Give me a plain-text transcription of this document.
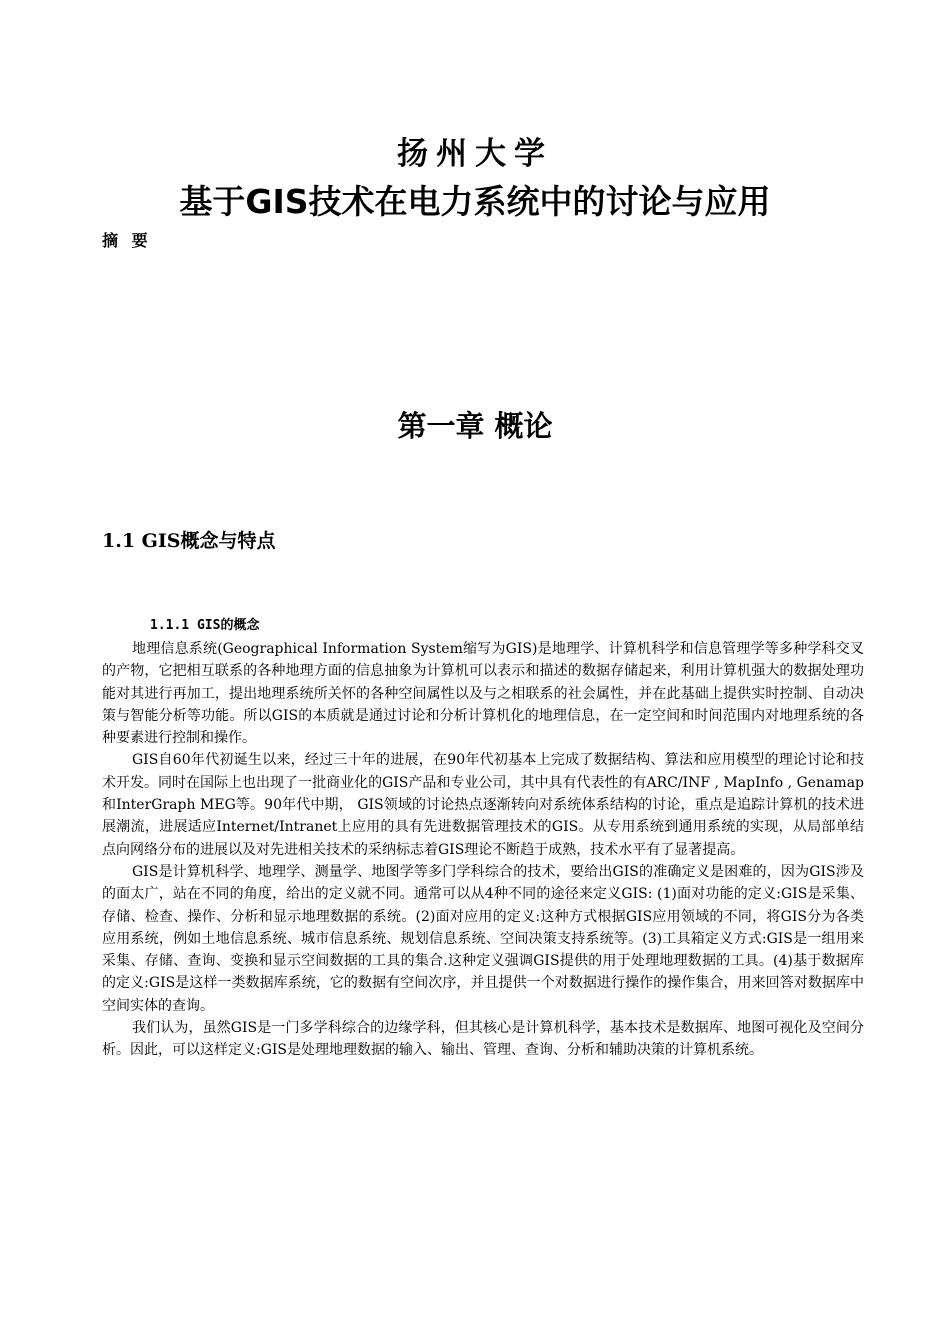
扬州大学
基于GIS技术在电力系统中的讨论与应用
摘 要
第一章 概论
1.1 GIS概念与特点
1.1.1 GIS的概念

地理信息系统(Geographical Information System缩写为GIS)是地理学、计算机科学和信息管理学等多种学科交叉的产物，它把相互联系的各种地理方面的信息抽象为计算机可以表示和描述的数据存储起来，利用计算机强大的数据处理功能对其进行再加工，提出地理系统所关怀的各种空间属性以及与之相联系的社会属性，并在此基础上提供实时控制、自动决策与智能分析等功能。所以GIS的本质就是通过讨论和分析计算机化的地理信息，在一定空间和时间范围内对地理系统的各种要素进行控制和操作。

GIS自60年代初诞生以来，经过三十年的进展，在90年代初基本上完成了数据结构、算法和应用模型的理论讨论和技术开发。同时在国际上也出现了一批商业化的GIS产品和专业公司，其中具有代表性的有ARC/INF , MapInfo , Genamap和InterGraph MEG等。90年代中期， GIS领域的讨论热点逐渐转向对系统体系结构的讨论，重点是追踪计算机的技术进展潮流，进展适应Internet/Intranet上应用的具有先进数据管理技术的GIS。从专用系统到通用系统的实现，从局部单结点向网络分布的进展以及对先进相关技术的采纳标志着GIS理论不断趋于成熟，技术水平有了显著提高。

GIS是计算机科学、地理学、测量学、地图学等多门学科综合的技术，要给出GIS的准确定义是困难的，因为GIS涉及的面太广，站在不同的角度，给出的定义就不同。通常可以从4种不同的途径来定义GIS: (1)面对功能的定义:GIS是采集、存储、检查、操作、分析和显示地理数据的系统。(2)面对应用的定义:这种方式根据GIS应用领域的不同，将GIS分为各类应用系统，例如土地信息系统、城市信息系统、规划信息系统、空间决策支持系统等。(3)工具箱定义方式:GIS是一组用来采集、存储、查询、变换和显示空间数据的工具的集合.这种定义强调GIS提供的用于处理地理数据的工具。(4)基于数据库的定义:GIS是这样一类数据库系统，它的数据有空间次序，并且提供一个对数据进行操作的操作集合，用来回答对数据库中空间实体的查询。

我们认为，虽然GIS是一门多学科综合的边缘学科，但其核心是计算机科学，基本技术是数据库、地图可视化及空间分析。因此，可以这样定义:GIS是处理地理数据的输入、输出、管理、查询、分析和辅助决策的计算机系统。
